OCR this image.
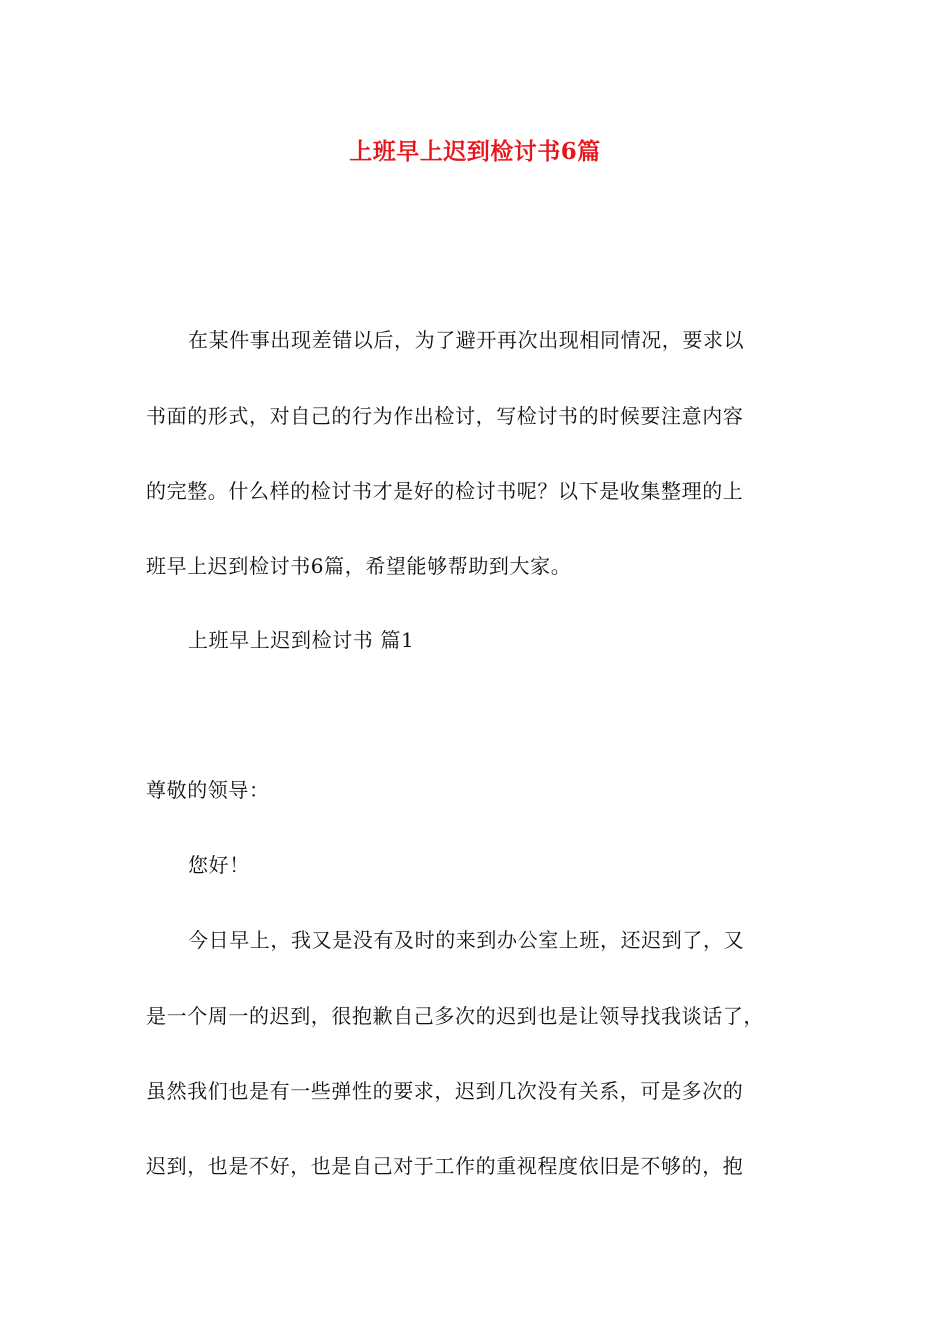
上班早上迟到检讨书6篇
在某件事出现差错以后，为了避开再次出现相同情况，要求以
书面的形式，对自己的行为作出检讨，写检讨书的时候要注意内容
的完整。什么样的检讨书才是好的检讨书呢？以下是收集整理的上
班早上迟到检讨书6篇，希望能够帮助到大家。
上班早上迟到检讨书 篇1
尊敬的领导：
您好！
今日早上，我又是没有及时的来到办公室上班，还迟到了，又
是一个周一的迟到，很抱歉自己多次的迟到也是让领导找我谈话了，
虽然我们也是有一些弹性的要求，迟到几次没有关系，可是多次的
迟到，也是不好，也是自己对于工作的重视程度依旧是不够的，抱
